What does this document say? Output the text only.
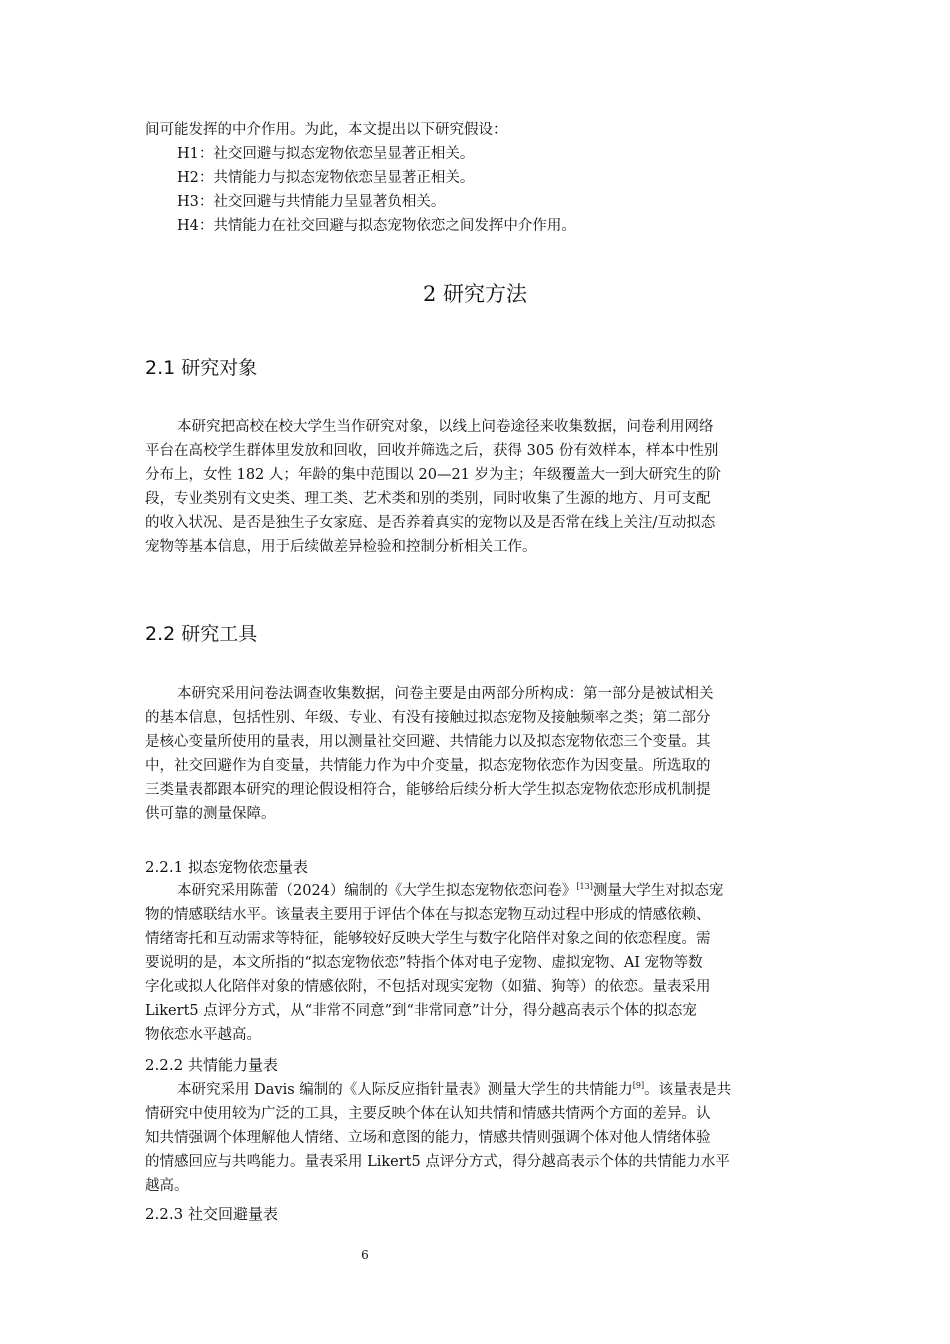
间可能发挥的中介作用。为此，本文提出以下研究假设：
H1：社交回避与拟态宠物依恋呈显著正相关。
H2：共情能力与拟态宠物依恋呈显著正相关。
H3：社交回避与共情能力呈显著负相关。
H4：共情能力在社交回避与拟态宠物依恋之间发挥中介作用。
2 研究方法
2.1 研究对象
本研究把高校在校大学生当作研究对象，以线上问卷途径来收集数据，问卷利用网络
平台在高校学生群体里发放和回收，回收并筛选之后，获得 305 份有效样本，样本中性别
分布上，女性 182 人；年龄的集中范围以 20—21 岁为主；年级覆盖大一到大研究生的阶
段，专业类别有文史类、理工类、艺术类和别的类别，同时收集了生源的地方、月可支配
的收入状况、是否是独生子女家庭、是否养着真实的宠物以及是否常在线上关注/互动拟态
宠物等基本信息，用于后续做差异检验和控制分析相关工作。
2.2 研究工具
本研究采用问卷法调查收集数据，问卷主要是由两部分所构成：第一部分是被试相关
的基本信息，包括性别、年级、专业、有没有接触过拟态宠物及接触频率之类；第二部分
是核心变量所使用的量表，用以测量社交回避、共情能力以及拟态宠物依恋三个变量。其
中，社交回避作为自变量，共情能力作为中介变量，拟态宠物依恋作为因变量。所选取的
三类量表都跟本研究的理论假设相符合，能够给后续分析大学生拟态宠物依恋形成机制提
供可靠的测量保障。
2.2.1 拟态宠物依恋量表
本研究采用陈蕾（2024）编制的《大学生拟态宠物依恋问卷》[13]测量大学生对拟态宠
物的情感联结水平。该量表主要用于评估个体在与拟态宠物互动过程中形成的情感依赖、
情绪寄托和互动需求等特征，能够较好反映大学生与数字化陪伴对象之间的依恋程度。需
要说明的是，本文所指的“拟态宠物依恋”特指个体对电子宠物、虚拟宠物、AI 宠物等数
字化或拟人化陪伴对象的情感依附，不包括对现实宠物（如猫、狗等）的依恋。量表采用
Likert5 点评分方式，从“非常不同意”到“非常同意”计分，得分越高表示个体的拟态宠
物依恋水平越高。
2.2.2 共情能力量表
本研究采用 Davis 编制的《人际反应指针量表》测量大学生的共情能力[9]。该量表是共
情研究中使用较为广泛的工具，主要反映个体在认知共情和情感共情两个方面的差异。认
知共情强调个体理解他人情绪、立场和意图的能力，情感共情则强调个体对他人情绪体验
的情感回应与共鸣能力。量表采用 Likert5 点评分方式，得分越高表示个体的共情能力水平
越高。
2.2.3 社交回避量表
6
